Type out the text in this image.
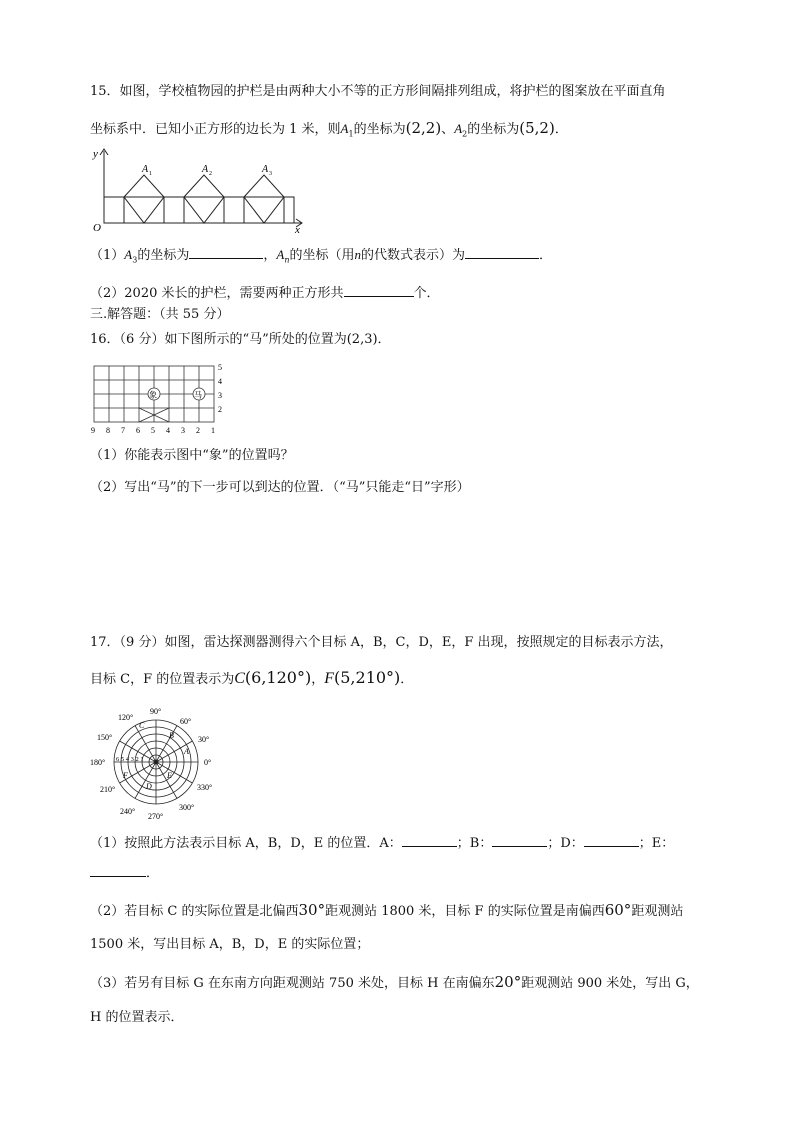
15．如图，学校植物园的护栏是由两种大小不等的正方形间隔排列组成，将护栏的图案放在平面直角
坐标系中．已知小正方形的边长为 1 米，则$A_1$的坐标为(2,2)、$A_2$的坐标为(5,2)．
y
x
O
A 1	A 2	A 3
$(1)A_3$的坐标为	，$A_n$的坐标（用n的代数式表示）为	．
（2）2020 米长的护栏，需要两种正方形共	个．
三.解答题：（共 55 分）
16．（6 分）如下图所示的“马”所处的位置为(2,3)．
象	马
5
4
3
2
9 8 7 6 5 4 3 2 1
（1）你能表示图中“象”的位置吗？
（2）写出“马”的下一步可以到达的位置．（“马”只能走“日”字形）
17．（9 分）如图，雷达探测器测得六个目标 A，B，C，D，E，F 出现，按照规定的目标表示方法，
目标 C，F 的位置表示为C(6,120°)，F(5,210°)．
90°
60°
30°
0°
330°
300°
270°
240°
210°
180°
150°
120°
6 5 4 3 2 1
A
B
C
D
E
F
（1）按照此方法表示目标 A，B，D，E 的位置．A：	；B：	；D：	；E：
．
（2）若目标 C 的实际位置是北偏西30°距观测站 1800 米，目标 F 的实际位置是南偏西60°距观测站
1500 米，写出目标 A，B，D，E 的实际位置；
（3）若另有目标 G 在东南方向距观测站 750 米处，目标 H 在南偏东20°距观测站 900 米处，写出 G，
H 的位置表示．
